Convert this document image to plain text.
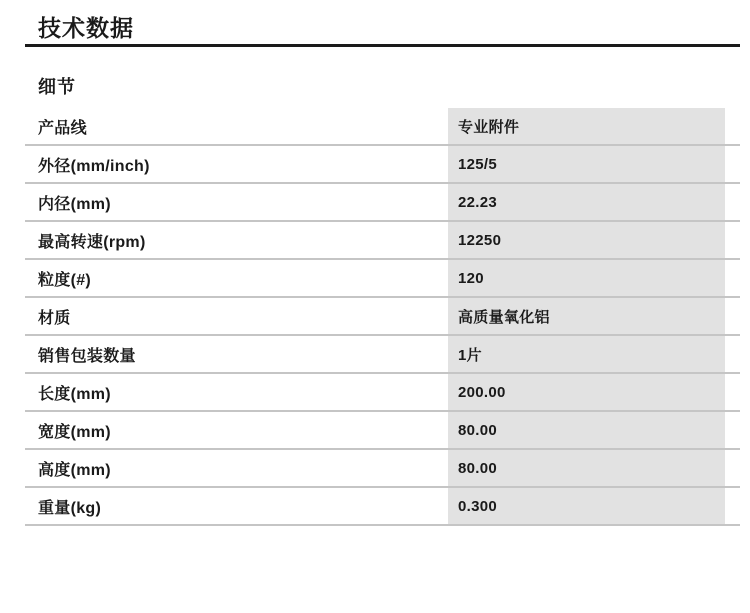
技术数据
细节
产品线	专业附件
外径(mm/inch)	125/5
内径(mm)	22.23
最高转速(rpm)	12250
粒度(#)	120
材质	高质量氧化铝
销售包装数量	1片
长度(mm)	200.00
宽度(mm)	80.00
高度(mm)	80.00
重量(kg)	0.300
